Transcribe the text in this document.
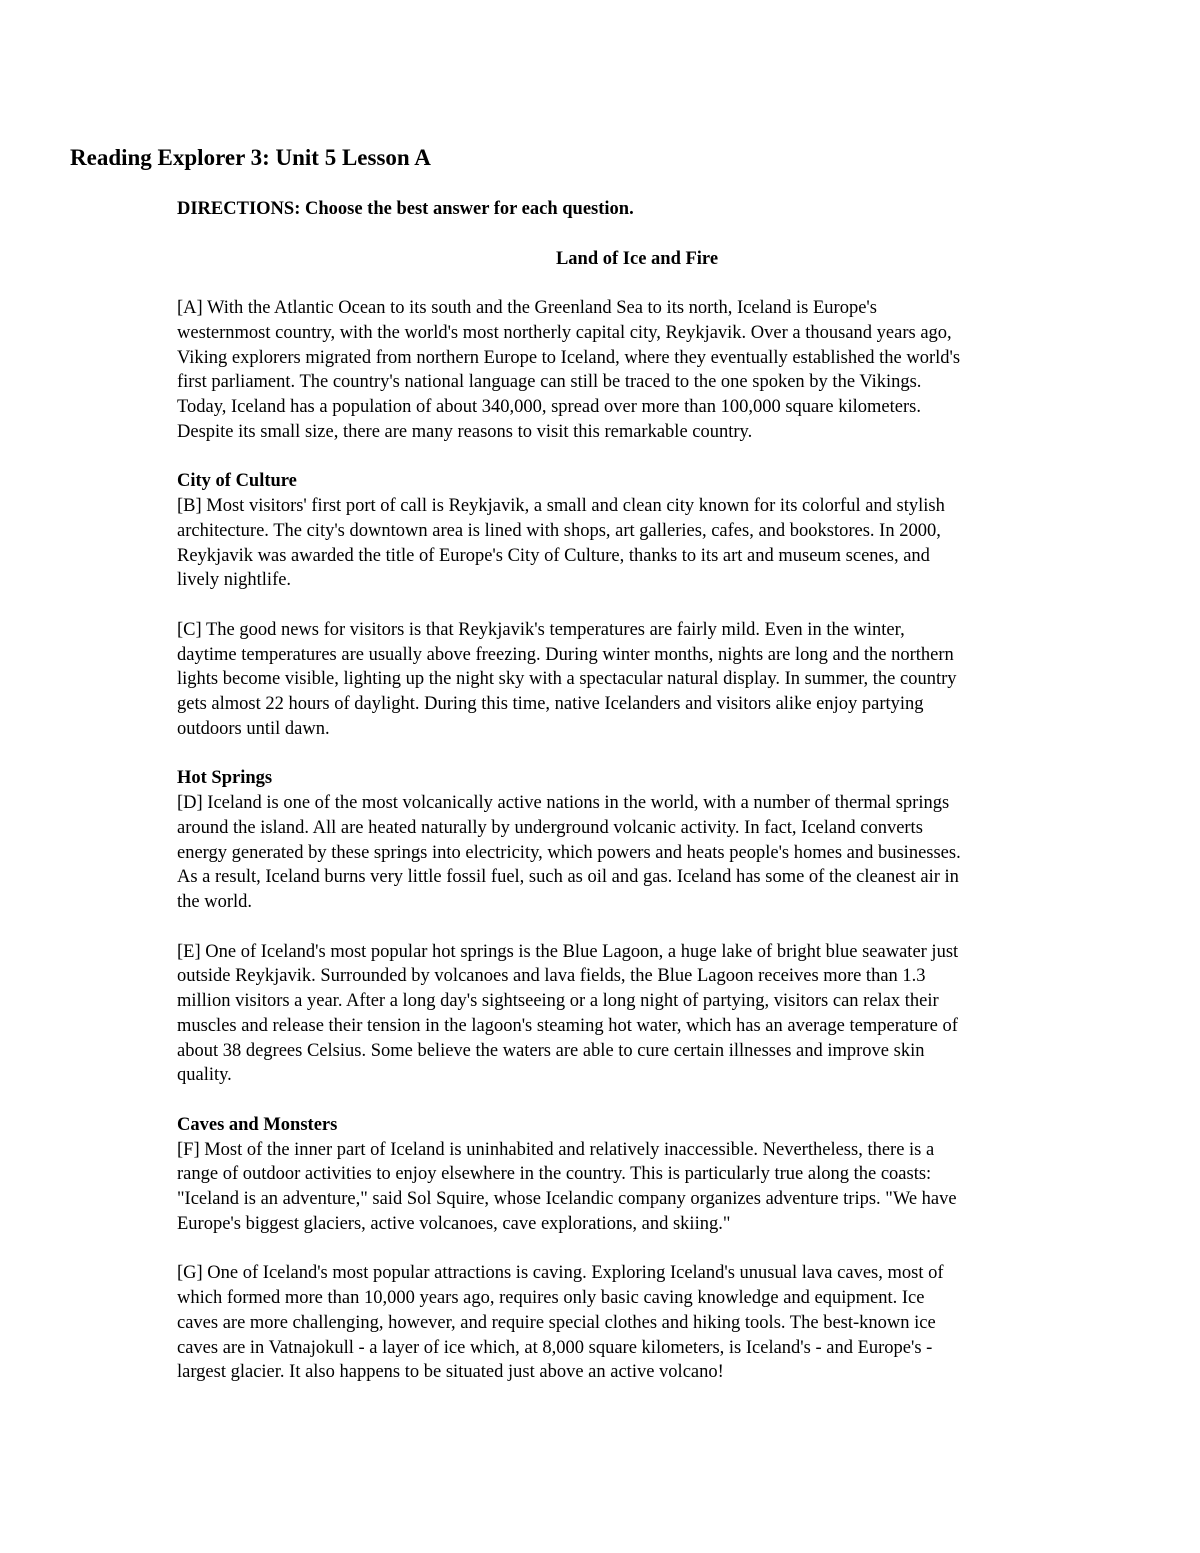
Reading Explorer 3: Unit 5 Lesson A

DIRECTIONS: Choose the best answer for each question.

Land of Ice and Fire

[A] With the Atlantic Ocean to its south and the Greenland Sea to its north, Iceland is Europe's
westernmost country, with the world's most northerly capital city, Reykjavik. Over a thousand years ago,
Viking explorers migrated from northern Europe to Iceland, where they eventually established the world's
first parliament. The country's national language can still be traced to the one spoken by the Vikings.
Today, Iceland has a population of about 340,000, spread over more than 100,000 square kilometers.
Despite its small size, there are many reasons to visit this remarkable country.

City of Culture

[B] Most visitors' first port of call is Reykjavik, a small and clean city known for its colorful and stylish
architecture. The city's downtown area is lined with shops, art galleries, cafes, and bookstores. In 2000,
Reykjavik was awarded the title of Europe's City of Culture, thanks to its art and museum scenes, and
lively nightlife.

[C] The good news for visitors is that Reykjavik's temperatures are fairly mild. Even in the winter,
daytime temperatures are usually above freezing. During winter months, nights are long and the northern
lights become visible, lighting up the night sky with a spectacular natural display. In summer, the country
gets almost 22 hours of daylight. During this time, native Icelanders and visitors alike enjoy partying
outdoors until dawn.

Hot Springs

[D] Iceland is one of the most volcanically active nations in the world, with a number of thermal springs
around the island. All are heated naturally by underground volcanic activity. In fact, Iceland converts
energy generated by these springs into electricity, which powers and heats people's homes and businesses.
As a result, Iceland burns very little fossil fuel, such as oil and gas. Iceland has some of the cleanest air in
the world.

[E] One of Iceland's most popular hot springs is the Blue Lagoon, a huge lake of bright blue seawater just
outside Reykjavik. Surrounded by volcanoes and lava fields, the Blue Lagoon receives more than 1.3
million visitors a year. After a long day's sightseeing or a long night of partying, visitors can relax their
muscles and release their tension in the lagoon's steaming hot water, which has an average temperature of
about 38 degrees Celsius. Some believe the waters are able to cure certain illnesses and improve skin
quality.

Caves and Monsters

[F] Most of the inner part of Iceland is uninhabited and relatively inaccessible. Nevertheless, there is a
range of outdoor activities to enjoy elsewhere in the country. This is particularly true along the coasts:
"Iceland is an adventure," said Sol Squire, whose Icelandic company organizes adventure trips. "We have
Europe's biggest glaciers, active volcanoes, cave explorations, and skiing."

[G] One of Iceland's most popular attractions is caving. Exploring Iceland's unusual lava caves, most of
which formed more than 10,000 years ago, requires only basic caving knowledge and equipment. Ice
caves are more challenging, however, and require special clothes and hiking tools. The best-known ice
caves are in Vatnajokull - a layer of ice which, at 8,000 square kilometers, is Iceland's - and Europe's -
largest glacier. It also happens to be situated just above an active volcano!
